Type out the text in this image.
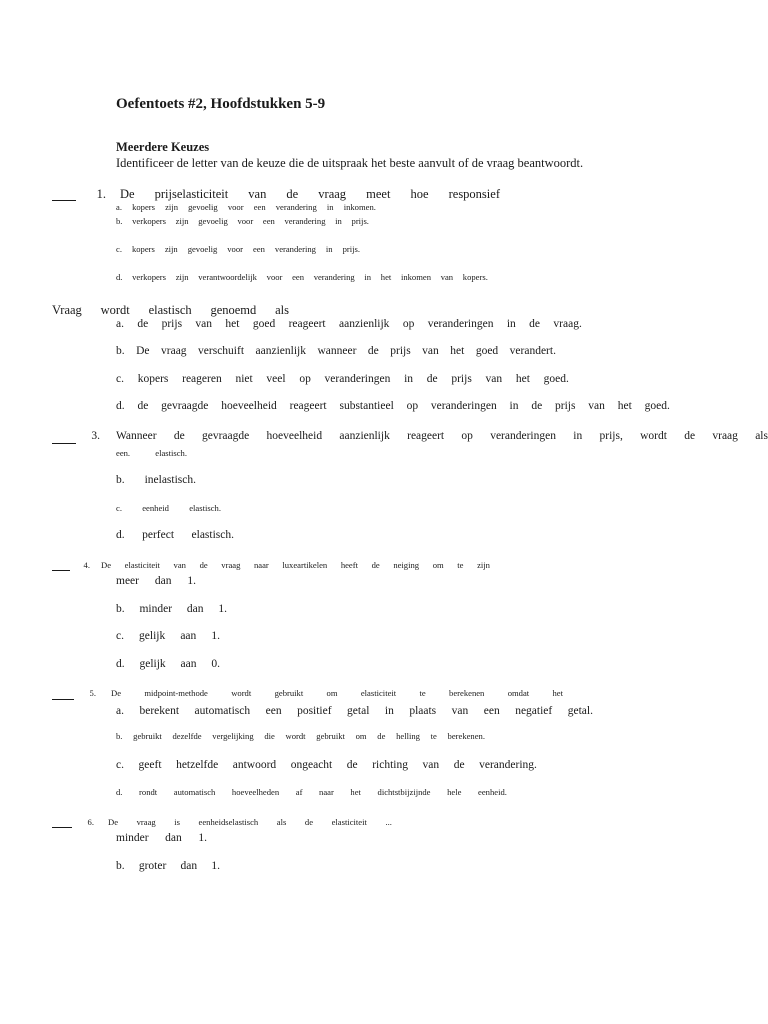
Oefentoets #2, Hoofdstukken 5-9
Meerdere Keuzes
Identificeer de letter van de keuze die de uitspraak het beste aanvult of de vraag beantwoordt.
1. De prijselasticiteit van de vraag meet hoe responsief
a. kopers zijn gevoelig voor een verandering in inkomen.
b. verkopers zijn gevoelig voor een verandering in prijs.
c. kopers zijn gevoelig voor een verandering in prijs.
d. verkopers zijn verantwoordelijk voor een verandering in het inkomen van kopers.
Vraag wordt elastisch genoemd als
a. de prijs van het goed reageert aanzienlijk op veranderingen in de vraag.
b. De vraag verschuift aanzienlijk wanneer de prijs van het goed verandert.
c. kopers reageren niet veel op veranderingen in de prijs van het goed.
d. de gevraagde hoeveelheid reageert substantieel op veranderingen in de prijs van het goed.
3. Wanneer de gevraagde hoeveelheid aanzienlijk reageert op veranderingen in prijs, wordt de vraag als
een.	elastisch.
b. inelastisch.
c. eenheid elastisch.
d. perfect elastisch.
4. De elasticiteit van de vraag naar luxeartikelen heeft de neiging om te zijn
meer dan 1.
b. minder dan 1.
c. gelijk aan 1.
d. gelijk aan 0.
5. De	midpoint-methode	wordt	gebruikt	om	elasticiteit	te	berekenen	omdat	het
a. berekent automatisch een positief getal in plaats van een negatief getal.
b. gebruikt dezelfde vergelijking die wordt gebruikt om de helling te berekenen.
c. geeft hetzelfde antwoord ongeacht de richting van de verandering.
d. rondt automatisch hoeveelheden af naar het dichtstbijzijnde hele eenheid.
6. De vraag is eenheidselastisch als de elasticiteit ...
minder dan 1.
b. groter dan 1.
